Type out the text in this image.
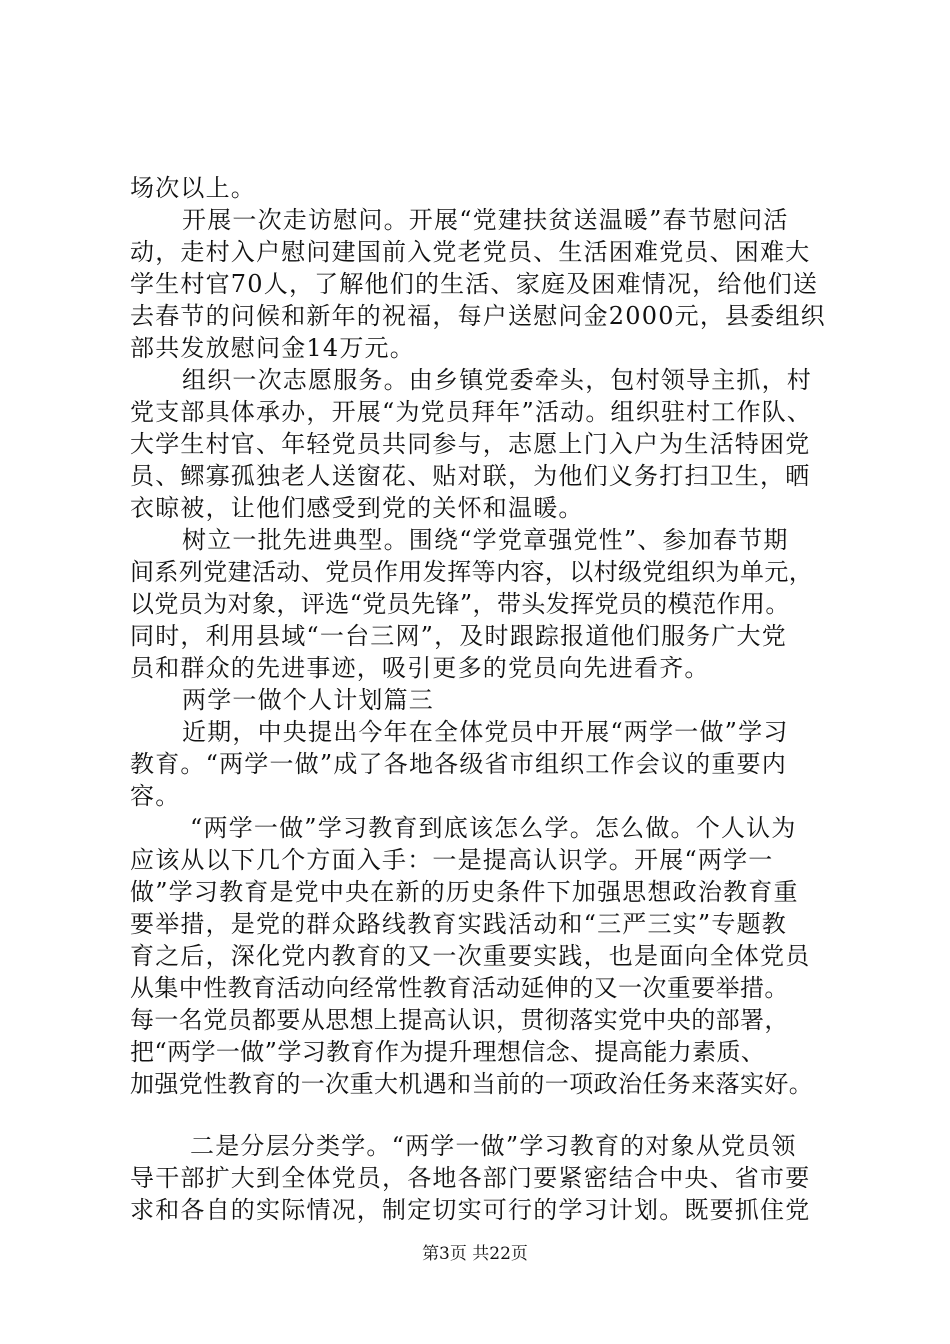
场次以上。
开展一次走访慰问。开展“党建扶贫送温暖”春节慰问活
动，走村入户慰问建国前入党老党员、生活困难党员、困难大
学生村官70人，了解他们的生活、家庭及困难情况，给他们送
去春节的问候和新年的祝福，每户送慰问金2000元，县委组织
部共发放慰问金14万元。
组织一次志愿服务。由乡镇党委牵头，包村领导主抓，村
党支部具体承办，开展“为党员拜年”活动。组织驻村工作队、
大学生村官、年轻党员共同参与，志愿上门入户为生活特困党
员、鳏寡孤独老人送窗花、贴对联，为他们义务打扫卫生，晒
衣晾被，让他们感受到党的关怀和温暖。
树立一批先进典型。围绕“学党章强党性”、参加春节期
间系列党建活动、党员作用发挥等内容，以村级党组织为单元，
以党员为对象，评选“党员先锋”，带头发挥党员的模范作用。
同时，利用县域“一台三网”，及时跟踪报道他们服务广大党
员和群众的先进事迹，吸引更多的党员向先进看齐。
两学一做个人计划篇三
近期，中央提出今年在全体党员中开展“两学一做”学习
教育。“两学一做”成了各地各级省市组织工作会议的重要内
容。
“两学一做”学习教育到底该怎么学。怎么做。个人认为
应该从以下几个方面入手：一是提高认识学。开展“两学一
做”学习教育是党中央在新的历史条件下加强思想政治教育重
要举措，是党的群众路线教育实践活动和“三严三实”专题教
育之后，深化党内教育的又一次重要实践，也是面向全体党员
从集中性教育活动向经常性教育活动延伸的又一次重要举措。
每一名党员都要从思想上提高认识，贯彻落实党中央的部署，
把“两学一做”学习教育作为提升理想信念、提高能力素质、
加强党性教育的一次重大机遇和当前的一项政治任务来落实好。
二是分层分类学。“两学一做”学习教育的对象从党员领
导干部扩大到全体党员，各地各部门要紧密结合中央、省市要
求和各自的实际情况，制定切实可行的学习计划。既要抓住党
第3页 共22页
